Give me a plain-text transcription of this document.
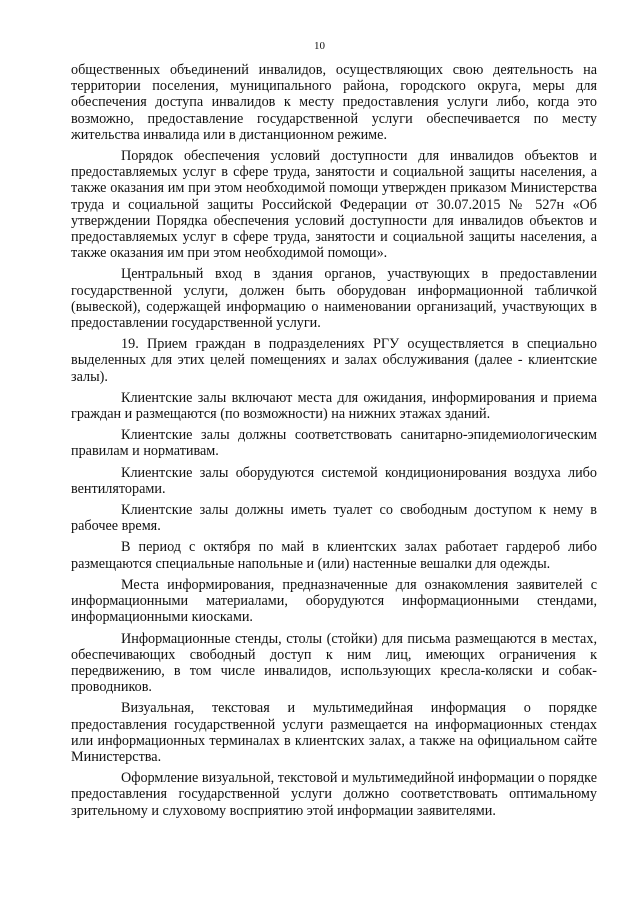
10

общественных объединений инвалидов, осуществляющих свою деятельность на территории поселения, муниципального района, городского округа, меры для обеспечения доступа инвалидов к месту предоставления услуги либо, когда это возможно, предоставление государственной услуги обеспечивается по месту жительства инвалида или в дистанционном режиме.

Порядок обеспечения условий доступности для инвалидов объектов и предоставляемых услуг в сфере труда, занятости и социальной защиты населения, а также оказания им при этом необходимой помощи утвержден приказом Министерства труда и социальной защиты Российской Федерации от 30.07.2015 № 527н «Об утверждении Порядка обеспечения условий доступности для инвалидов объектов и предоставляемых услуг в сфере труда, занятости и социальной защиты населения, а также оказания им при этом необходимой помощи».

Центральный вход в здания органов, участвующих в предоставлении государственной услуги, должен быть оборудован информационной табличкой (вывеской), содержащей информацию о наименовании организаций, участвующих в предоставлении государственной услуги.

19. Прием граждан в подразделениях РГУ осуществляется в специально выделенных для этих целей помещениях и залах обслуживания (далее - клиентские залы).

Клиентские залы включают места для ожидания, информирования и приема граждан и размещаются (по возможности) на нижних этажах зданий.

Клиентские залы должны соответствовать санитарно-эпидемиологическим правилам и нормативам.

Клиентские залы оборудуются системой кондиционирования воздуха либо вентиляторами.

Клиентские залы должны иметь туалет со свободным доступом к нему в рабочее время.

В период с октября по май в клиентских залах работает гардероб либо размещаются специальные напольные и (или) настенные вешалки для одежды.

Места информирования, предназначенные для ознакомления заявителей с информационными материалами, оборудуются информационными стендами, информационными киосками.

Информационные стенды, столы (стойки) для письма размещаются в местах, обеспечивающих свободный доступ к ним лиц, имеющих ограничения к передвижению, в том числе инвалидов, использующих кресла-коляски и собак-проводников.

Визуальная, текстовая и мультимедийная информация о порядке предоставления государственной услуги размещается на информационных стендах или информационных терминалах в клиентских залах, а также на официальном сайте Министерства.

Оформление визуальной, текстовой и мультимедийной информации о порядке предоставления государственной услуги должно соответствовать оптимальному зрительному и слуховому восприятию этой информации заявителями.
